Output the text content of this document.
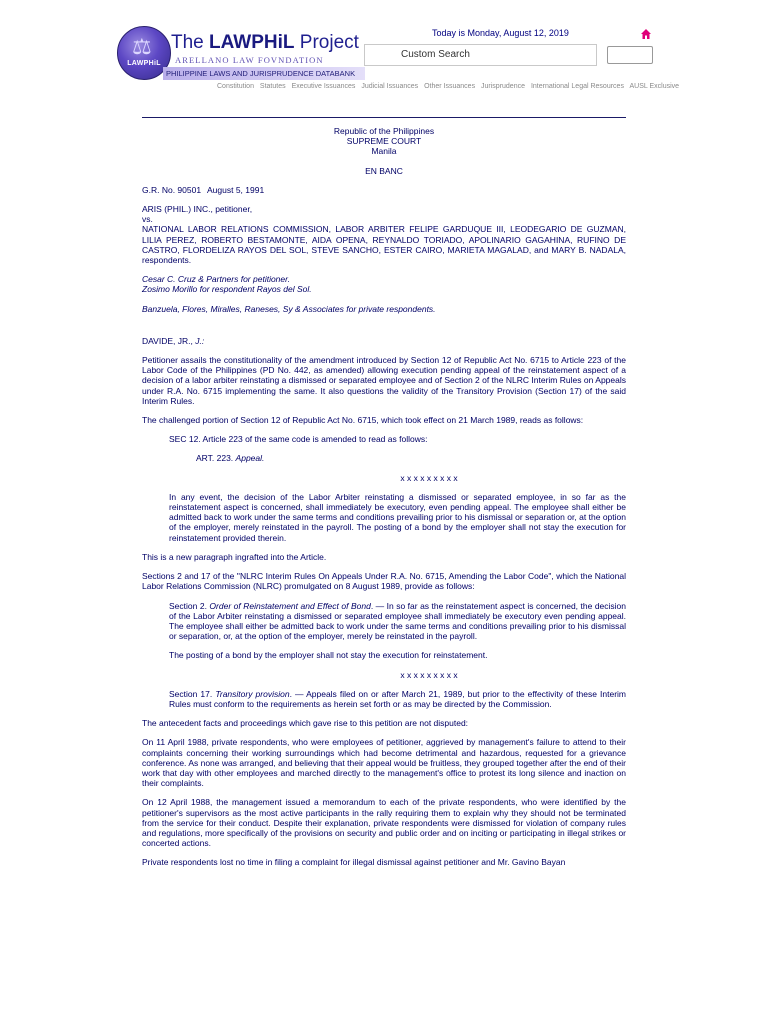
⚖
LAWPHiL
The LAWPHiL Project
ARELLANO LAW FOVNDATION
PHILIPPINE LAWS AND JURISPRUDENCE DATABANK
Today is Monday, August 12, 2019
Custom Search
Constitution Statutes Executive Issuances Judicial Issuances Other Issuances Jurisprudence International Legal Resources AUSL Exclusive

Republic of the Philippines

SUPREME COURT

Manila

EN BANC

G.R. No. 90501 August 5, 1991

ARIS (PHIL.) INC., petitioner,

vs.

NATIONAL LABOR RELATIONS COMMISSION, LABOR ARBITER FELIPE GARDUQUE III, LEODEGARIO DE GUZMAN, LILIA PEREZ, ROBERTO BESTAMONTE, AIDA OPENA, REYNALDO TORIADO, APOLINARIO GAGAHINA, RUFINO DE CASTRO, FLORDELIZA RAYOS DEL SOL, STEVE SANCHO, ESTER CAIRO, MARIETA MAGALAD, and MARY B. NADALA, respondents.

Cesar C. Cruz & Partners for petitioner.

Zosimo Morillo for respondent Rayos del Sol.

Banzuela, Flores, Miralles, Raneses, Sy & Associates for private respondents.

DAVIDE, JR., J.:

Petitioner assails the constitutionality of the amendment introduced by Section 12 of Republic Act No. 6715 to Article 223 of the Labor Code of the Philippines (PD No. 442, as amended) allowing execution pending appeal of the reinstatement aspect of a decision of a labor arbiter reinstating a dismissed or separated employee and of Section 2 of the NLRC Interim Rules on Appeals under R.A. No. 6715 implementing the same. It also questions the validity of the Transitory Provision (Section 17) of the said Interim Rules.

The challenged portion of Section 12 of Republic Act No. 6715, which took effect on 21 March 1989, reads as follows:

SEC 12. Article 223 of the same code is amended to read as follows:

ART. 223. Appeal.

x x x x x x x x x

In any event, the decision of the Labor Arbiter reinstating a dismissed or separated employee, in so far as the reinstatement aspect is concerned, shall immediately be executory, even pending appeal. The employee shall either be admitted back to work under the same terms and conditions prevailing prior to his dismissal or separation or, at the option of the employer, merely reinstated in the payroll. The posting of a bond by the employer shall not stay the execution for reinstatement provided therein.

This is a new paragraph ingrafted into the Article.

Sections 2 and 17 of the "NLRC Interim Rules On Appeals Under R.A. No. 6715, Amending the Labor Code", which the National Labor Relations Commission (NLRC) promulgated on 8 August 1989, provide as follows:

Section 2. Order of Reinstatement and Effect of Bond. — In so far as the reinstatement aspect is concerned, the decision of the Labor Arbiter reinstating a dismissed or separated employee shall immediately be executory even pending appeal. The employee shall either be admitted back to work under the same terms and conditions prevailing prior to his dismissal or separation, or, at the option of the employer, merely be reinstated in the payroll.

The posting of a bond by the employer shall not stay the execution for reinstatement.

x x x x x x x x x

Section 17. Transitory provision. — Appeals filed on or after March 21, 1989, but prior to the effectivity of these Interim Rules must conform to the requirements as herein set forth or as may be directed by the Commission.

The antecedent facts and proceedings which gave rise to this petition are not disputed:

On 11 April 1988, private respondents, who were employees of petitioner, aggrieved by management's failure to attend to their complaints concerning their working surroundings which had become detrimental and hazardous, requested for a grievance conference. As none was arranged, and believing that their appeal would be fruitless, they grouped together after the end of their work that day with other employees and marched directly to the management's office to protest its long silence and inaction on their complaints.

On 12 April 1988, the management issued a memorandum to each of the private respondents, who were identified by the petitioner's supervisors as the most active participants in the rally requiring them to explain why they should not be terminated from the service for their conduct. Despite their explanation, private respondents were dismissed for violation of company rules and regulations, more specifically of the provisions on security and public order and on inciting or participating in illegal strikes or concerted actions.

Private respondents lost no time in filing a complaint for illegal dismissal against petitioner and Mr. Gavino Bayan
